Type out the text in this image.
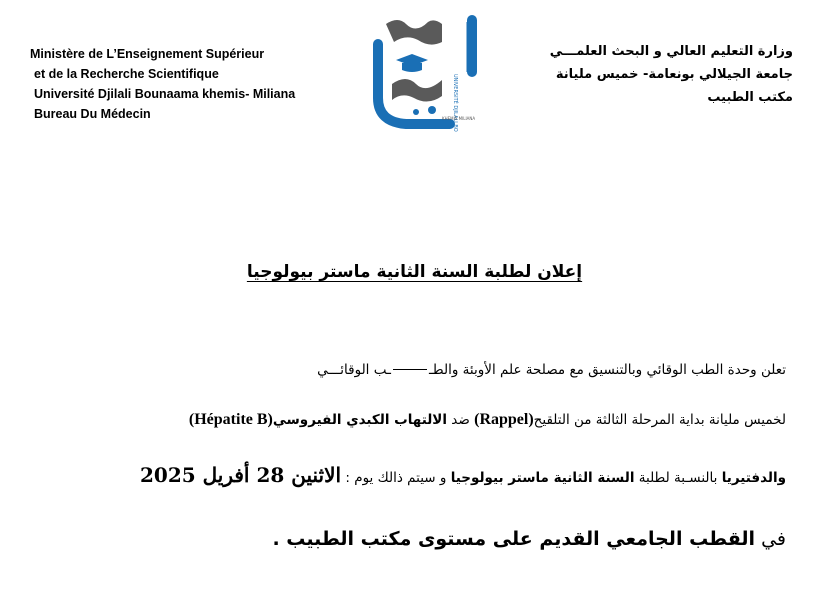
Ministère de L’Enseignement Supérieur
et de la Recherche Scientifique
Université Djilali Bounaama khemis- Miliana
Bureau Du Médecin	UNIVERSITÉ DJILALI BOUNAAMA
KHEMIS MILIANA
وزارة التعليم العالي و البحث العلمـــي
جامعة الجيلالي بونعامة- خميس مليانة
مكتب الطبيب
إعلان لطلبة السنة الثانية ماستر بيولوجيا
تعلن وحدة الطب الوقائي وبالتنسيق مع مصلحة علم الأوبئة والطــب الوقائـــي
لخميس مليانة بداية المرحلة الثالثة من التلقيح(Rappel) ضد الالتهاب الكبدي الفيروسي(Hépatite B)
والدفتيريا بالنسـبة لطلبة السنة الثانية ماستر بيولوجيا و سيتم ذالك يوم : الاثنين 28 أفريل 2025
في القطب الجامعي القديم على مستوى مكتب الطبيب .
